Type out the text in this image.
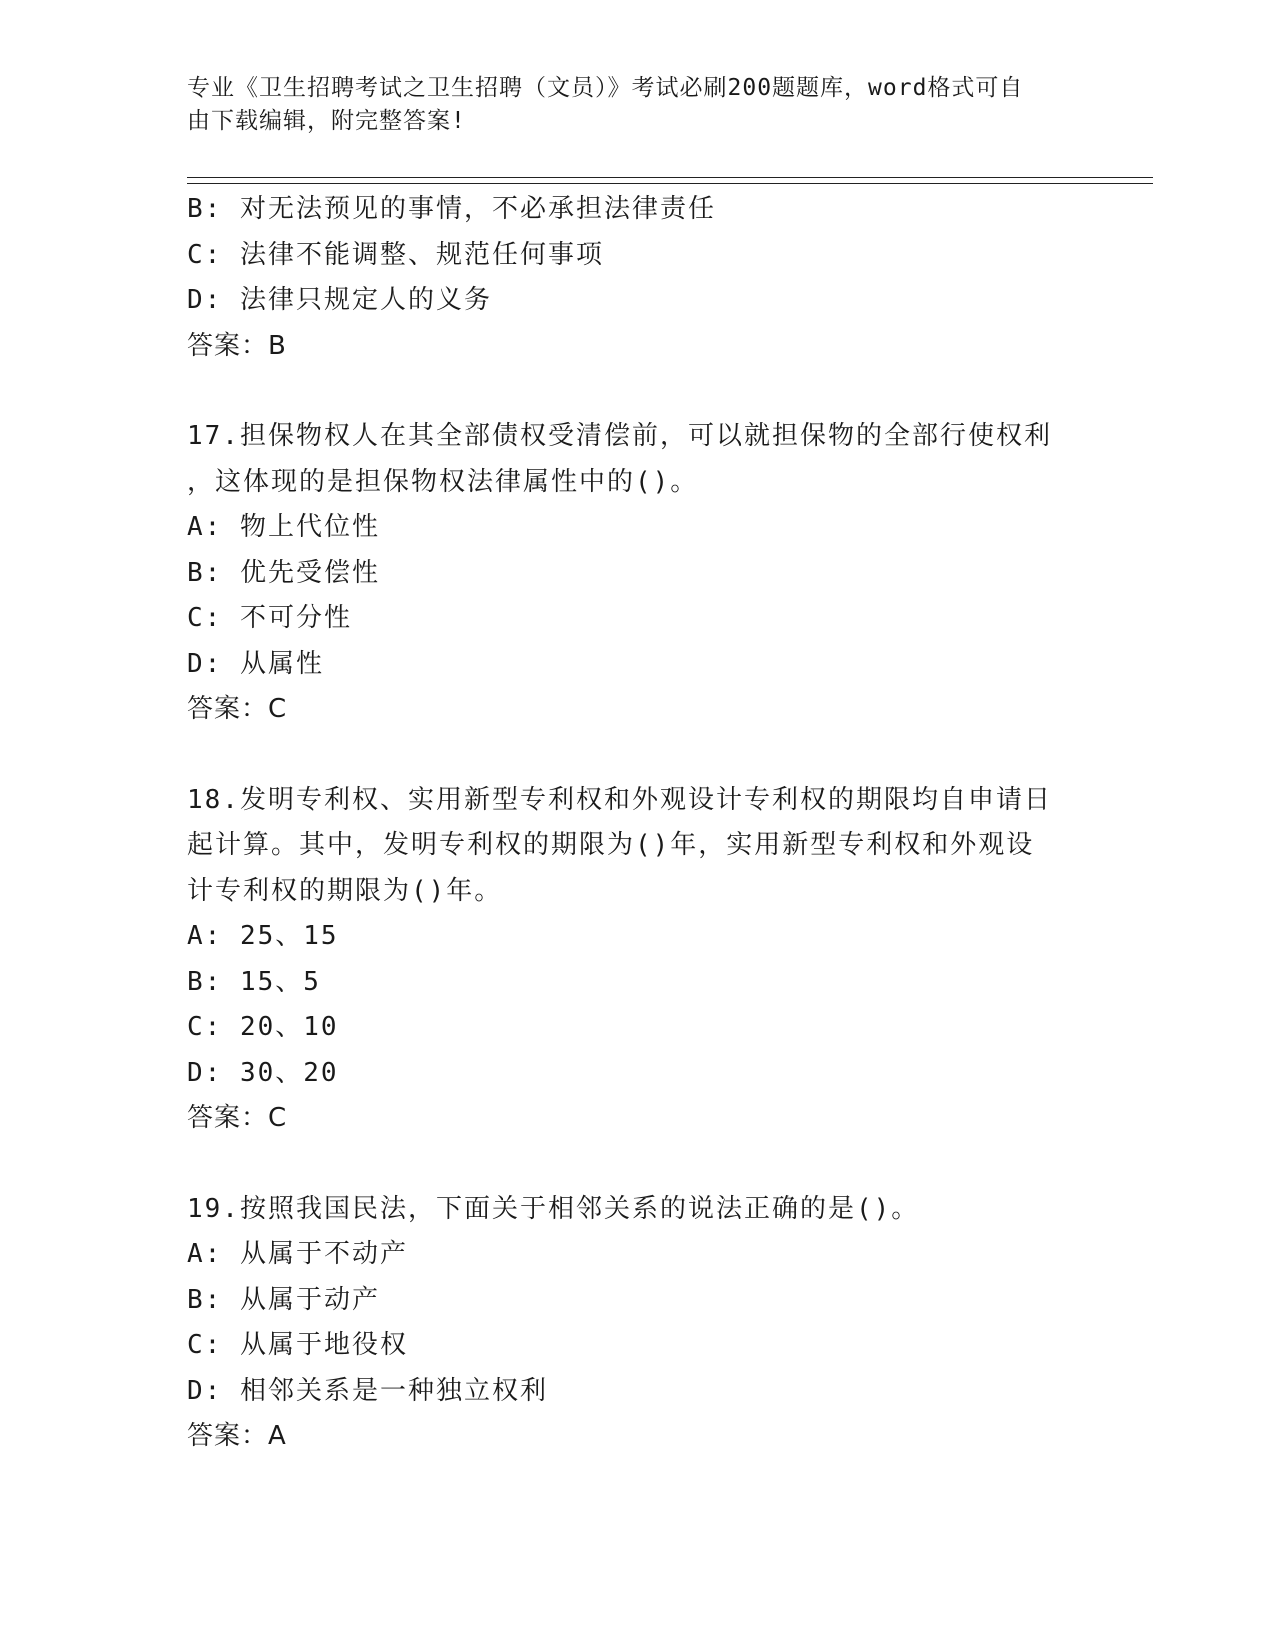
专业《卫生招聘考试之卫生招聘（文员）》考试必刷200题题库，word格式可自
由下载编辑，附完整答案!
B: 对无法预见的事情，不必承担法律责任
C: 法律不能调整、规范任何事项
D: 法律只规定人的义务
答案：B
17.担保物权人在其全部债权受清偿前，可以就担保物的全部行使权利
，这体现的是担保物权法律属性中的()。
A: 物上代位性
B: 优先受偿性
C: 不可分性
D: 从属性
答案：C
18.发明专利权、实用新型专利权和外观设计专利权的期限均自申请日
起计算。其中，发明专利权的期限为()年，实用新型专利权和外观设
计专利权的期限为()年。
A: 25、15
B: 15、5
C: 20、10
D: 30、20
答案：C
19.按照我国民法，下面关于相邻关系的说法正确的是()。
A: 从属于不动产
B: 从属于动产
C: 从属于地役权
D: 相邻关系是一种独立权利
答案：A
